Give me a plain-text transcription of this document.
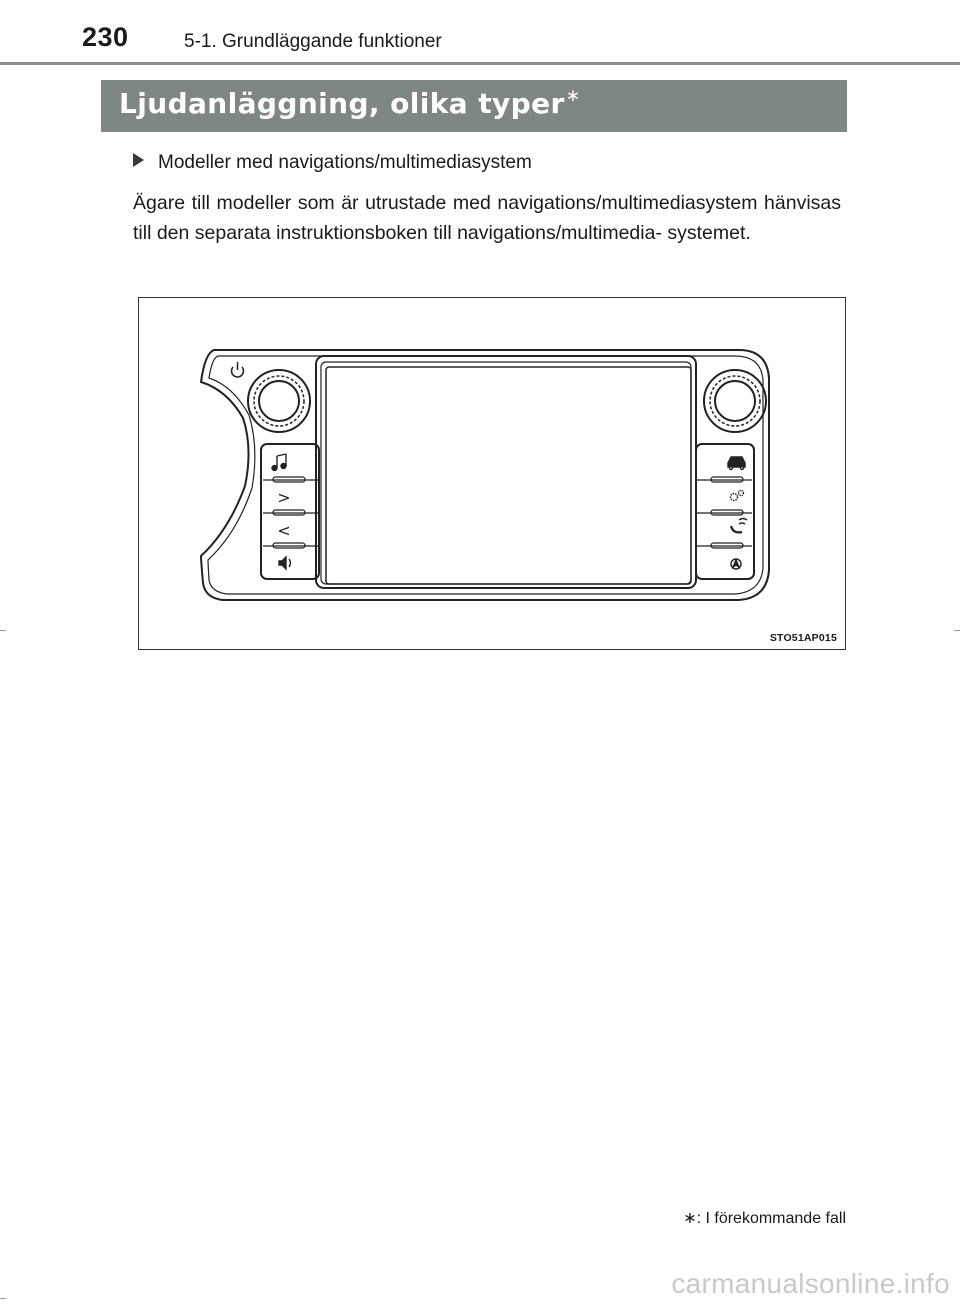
230	5-1. Grundläggande funktioner
Ljudanläggning, olika typer∗
Modeller med navigations/multimediasystem
Ägare till modeller som är utrustade med navigations/multimediasystem hänvisas till den separata instruktionsboken till navigations/multimedia- systemet.
>
<
STO51AP015
∗: I förekommande fall
carmanualsonline.info
